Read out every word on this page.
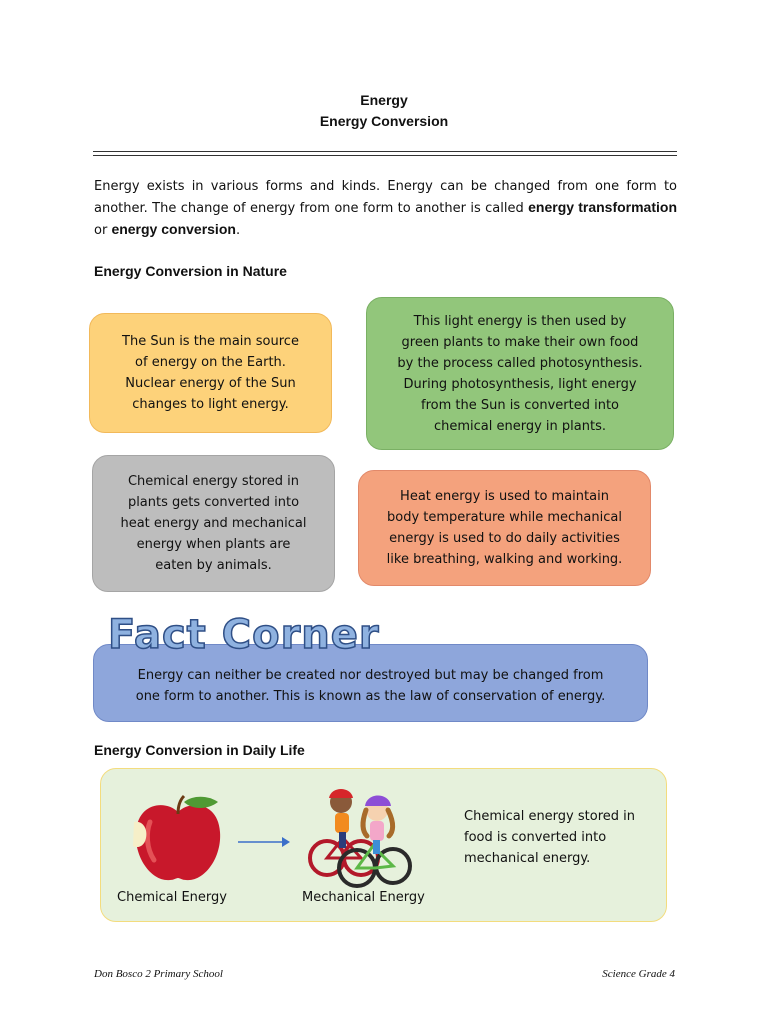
Energy
Energy Conversion
Energy exists in various forms and kinds. Energy can be changed from one form to another. The change of energy from one form to another is called energy transformation or energy conversion.
Energy Conversion in Nature
The Sun is the main source
of energy on the Earth.
Nuclear energy of the Sun
changes to light energy.
This light energy is then used by
green plants to make their own food
by the process called photosynthesis.
During photosynthesis, light energy
from the Sun is converted into
chemical energy in plants.
Chemical energy stored in
plants gets converted into
heat energy and mechanical
energy when plants are
eaten by animals.
Heat energy is used to maintain
body temperature while mechanical
energy is used to do daily activities
like breathing, walking and working.
Energy can neither be created nor destroyed but may be changed from
one form to another. This is known as the law of conservation of energy.
Fact Corner
Energy Conversion in Daily Life
Chemical Energy	Mechanical Energy
Chemical energy stored in
food is converted into
mechanical energy.
Don Bosco 2 Primary School	Science Grade 4
